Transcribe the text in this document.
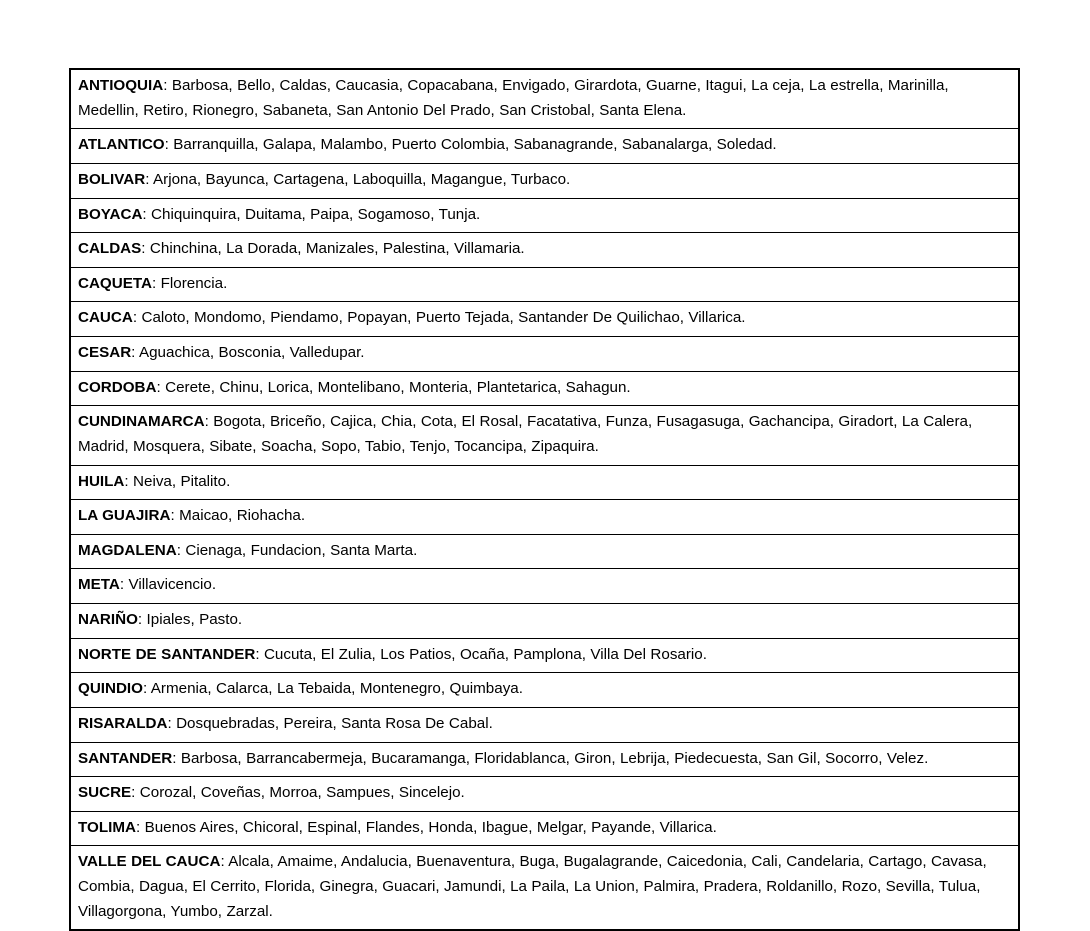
ANTIOQUIA: Barbosa, Bello, Caldas, Caucasia, Copacabana, Envigado, Girardota, Guarne, Itagui, La ceja, La estrella, Marinilla, Medellin, Retiro, Rionegro, Sabaneta, San Antonio Del Prado, San Cristobal, Santa Elena.
ATLANTICO: Barranquilla, Galapa, Malambo, Puerto Colombia, Sabanagrande, Sabanalarga, Soledad.
BOLIVAR: Arjona, Bayunca, Cartagena, Laboquilla, Magangue, Turbaco.
BOYACA: Chiquinquira, Duitama, Paipa, Sogamoso, Tunja.
CALDAS: Chinchina, La Dorada, Manizales, Palestina, Villamaria.
CAQUETA: Florencia.
CAUCA: Caloto, Mondomo, Piendamo, Popayan, Puerto Tejada, Santander De Quilichao, Villarica.
CESAR: Aguachica, Bosconia, Valledupar.
CORDOBA: Cerete, Chinu, Lorica, Montelibano, Monteria, Plantetarica, Sahagun.
CUNDINAMARCA: Bogota, Briceño, Cajica, Chia, Cota, El Rosal, Facatativa, Funza, Fusagasuga, Gachancipa, Giradort, La Calera, Madrid, Mosquera, Sibate, Soacha, Sopo, Tabio, Tenjo, Tocancipa, Zipaquira.
HUILA: Neiva, Pitalito.
LA GUAJIRA: Maicao, Riohacha.
MAGDALENA: Cienaga, Fundacion, Santa Marta.
META: Villavicencio.
NARIÑO: Ipiales, Pasto.
NORTE DE SANTANDER: Cucuta, El Zulia, Los Patios, Ocaña, Pamplona, Villa Del Rosario.
QUINDIO: Armenia, Calarca, La Tebaida, Montenegro, Quimbaya.
RISARALDA: Dosquebradas, Pereira, Santa Rosa De Cabal.
SANTANDER: Barbosa, Barrancabermeja, Bucaramanga, Floridablanca, Giron, Lebrija, Piedecuesta, San Gil, Socorro, Velez.
SUCRE: Corozal, Coveñas, Morroa, Sampues, Sincelejo.
TOLIMA: Buenos Aires, Chicoral, Espinal, Flandes, Honda, Ibague, Melgar, Payande, Villarica.
VALLE DEL CAUCA: Alcala, Amaime, Andalucia, Buenaventura, Buga, Bugalagrande, Caicedonia, Cali, Candelaria, Cartago, Cavasa, Combia, Dagua, El Cerrito, Florida, Ginegra, Guacari, Jamundi, La Paila, La Union, Palmira, Pradera, Roldanillo, Rozo, Sevilla, Tulua, Villagorgona, Yumbo, Zarzal.
